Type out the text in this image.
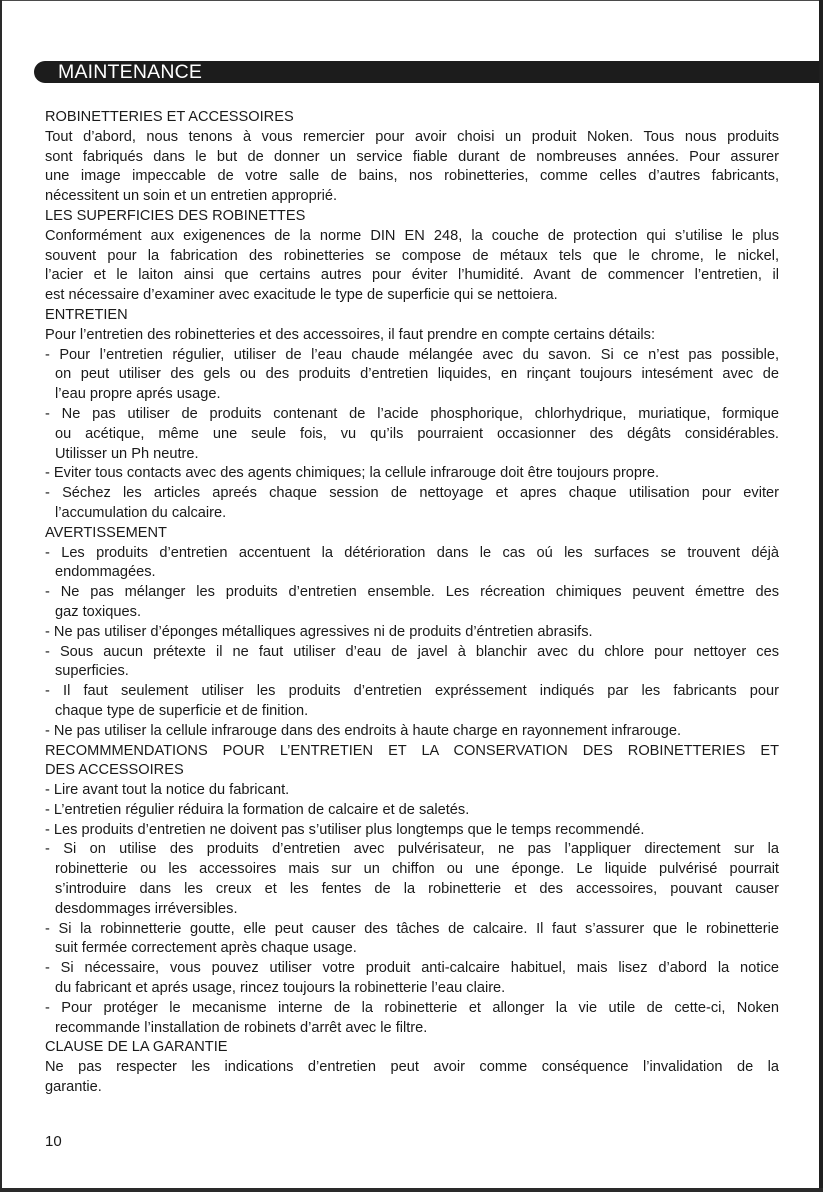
MAINTENANCE
ROBINETTERIES ET ACCESSOIRES
Tout d’abord, nous tenons à vous remercier pour avoir choisi un produit Noken. Tous nous produits
sont fabriqués dans le but de donner un service fiable durant de nombreuses années. Pour assurer
une image impeccable de votre salle de bains, nos robinetteries, comme celles d’autres fabricants,
nécessitent un soin et un entretien approprié.
LES SUPERFICIES DES ROBINETTES
Conformément aux exigenences de la norme DIN EN 248, la couche de protection qui s’utilise le plus
souvent pour la fabrication des robinetteries se compose de métaux tels que le chrome, le nickel,
l’acier et le laiton ainsi que certains autres pour éviter l’humidité. Avant de commencer l’entretien, il
est nécessaire d’examiner avec exacitude le type de superficie qui se nettoiera.
ENTRETIEN
Pour l’entretien des robinetteries et des accessoires, il faut prendre en compte certains détails:
- Pour l’entretien régulier, utiliser de l’eau chaude mélangée avec du savon. Si ce n’est pas possible,
on peut utiliser des gels ou des produits d’entretien liquides, en rinçant toujours intesément avec de
l’eau propre aprés usage.
- Ne pas utiliser de produits contenant de l’acide phosphorique, chlorhydrique, muriatique, formique
ou acétique, même une seule fois, vu qu’ils pourraient occasionner des dégâts considérables.
Utilisser un Ph neutre.
- Eviter tous contacts avec des agents chimiques; la cellule infrarouge doit être toujours propre.
- Séchez les articles apreés chaque session de nettoyage et apres chaque utilisation pour eviter
l’accumulation du calcaire.
AVERTISSEMENT
- Les produits d’entretien accentuent la détérioration dans le cas oú les surfaces se trouvent déjà
endommagées.
- Ne pas mélanger les produits d’entretien ensemble. Les récreation chimiques peuvent émettre des
gaz toxiques.
- Ne pas utiliser d’éponges métalliques agressives ni de produits d’éntretien abrasifs.
- Sous aucun prétexte il ne faut utiliser d’eau de javel à blanchir avec du chlore pour nettoyer ces
superficies.
- Il faut seulement utiliser les produits d’entretien expréssement indiqués par les fabricants pour
chaque type de superficie et de finition.
- Ne pas utiliser la cellule infrarouge dans des endroits à haute charge en rayonnement infrarouge.
RECOMMMENDATIONS POUR L’ENTRETIEN ET LA CONSERVATION DES ROBINETTERIES ET
DES ACCESSOIRES
- Lire avant tout la notice du fabricant.
- L’entretien régulier réduira la formation de calcaire et de saletés.
- Les produits d’entretien ne doivent pas s’utiliser plus longtemps que le temps recommendé.
- Si on utilise des produits d’entretien avec pulvérisateur, ne pas l’appliquer directement sur la
robinetterie ou les accessoires mais sur un chiffon ou une éponge. Le liquide pulvérisé pourrait
s’introduire dans les creux et les fentes de la robinetterie et des accessoires, pouvant causer
desdommages irréversibles.
- Si la robinnetterie goutte, elle peut causer des tâches de calcaire. Il faut s’assurer que le robinetterie
suit fermée correctement après chaque usage.
- Si nécessaire, vous pouvez utiliser votre produit anti-calcaire habituel, mais lisez d’abord la notice
du fabricant et aprés usage, rincez toujours la robinetterie l’eau claire.
- Pour protéger le mecanisme interne de la robinetterie et allonger la vie utile de cette-ci, Noken
recommande l’installation de robinets d’arrêt avec le filtre.
CLAUSE DE LA GARANTIE
Ne pas respecter les indications d’entretien peut avoir comme conséquence l’invalidation de la
garantie.
10
